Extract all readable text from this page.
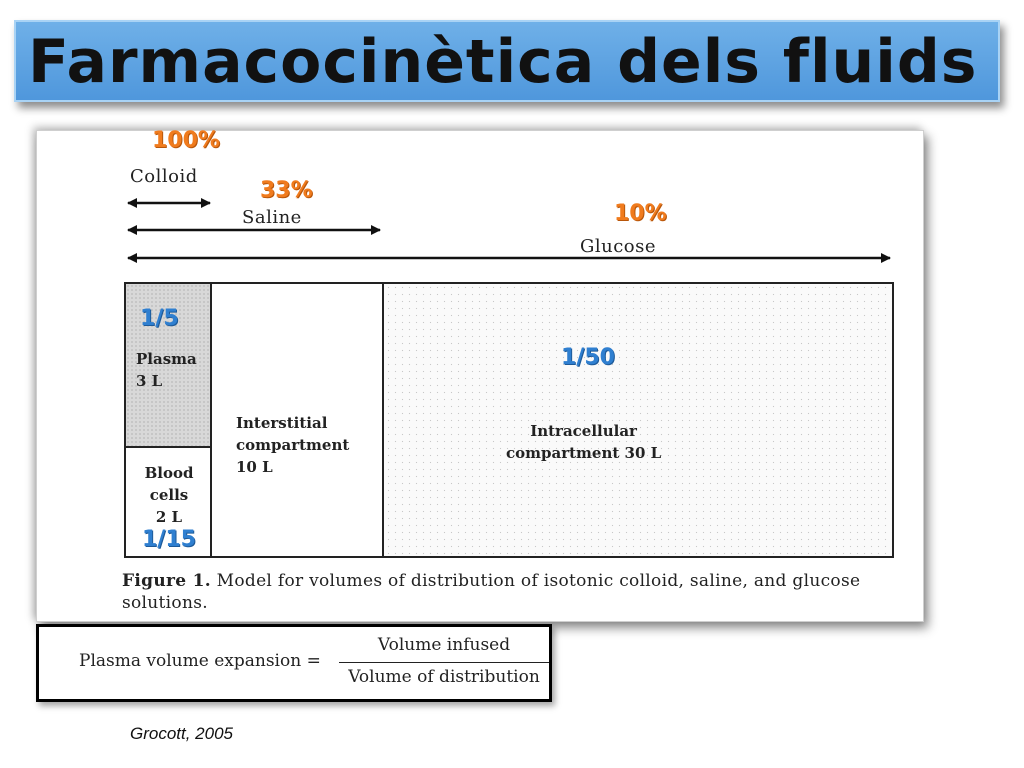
Farmacocinètica dels fluids
100%
Colloid
33%
Saline	10%
Glucose
Plasma
3 L
Blood
cells
2 L
Interstitial
compartment
10 L
Intracellular
compartment 30 L
1/5
1/15
1/50
Figure 1. Model for volumes of distribution of isotonic colloid, saline, and glucose solutions.
Plasma volume expansion =
Volume infused
Volume of distribution
Grocott, 2005
